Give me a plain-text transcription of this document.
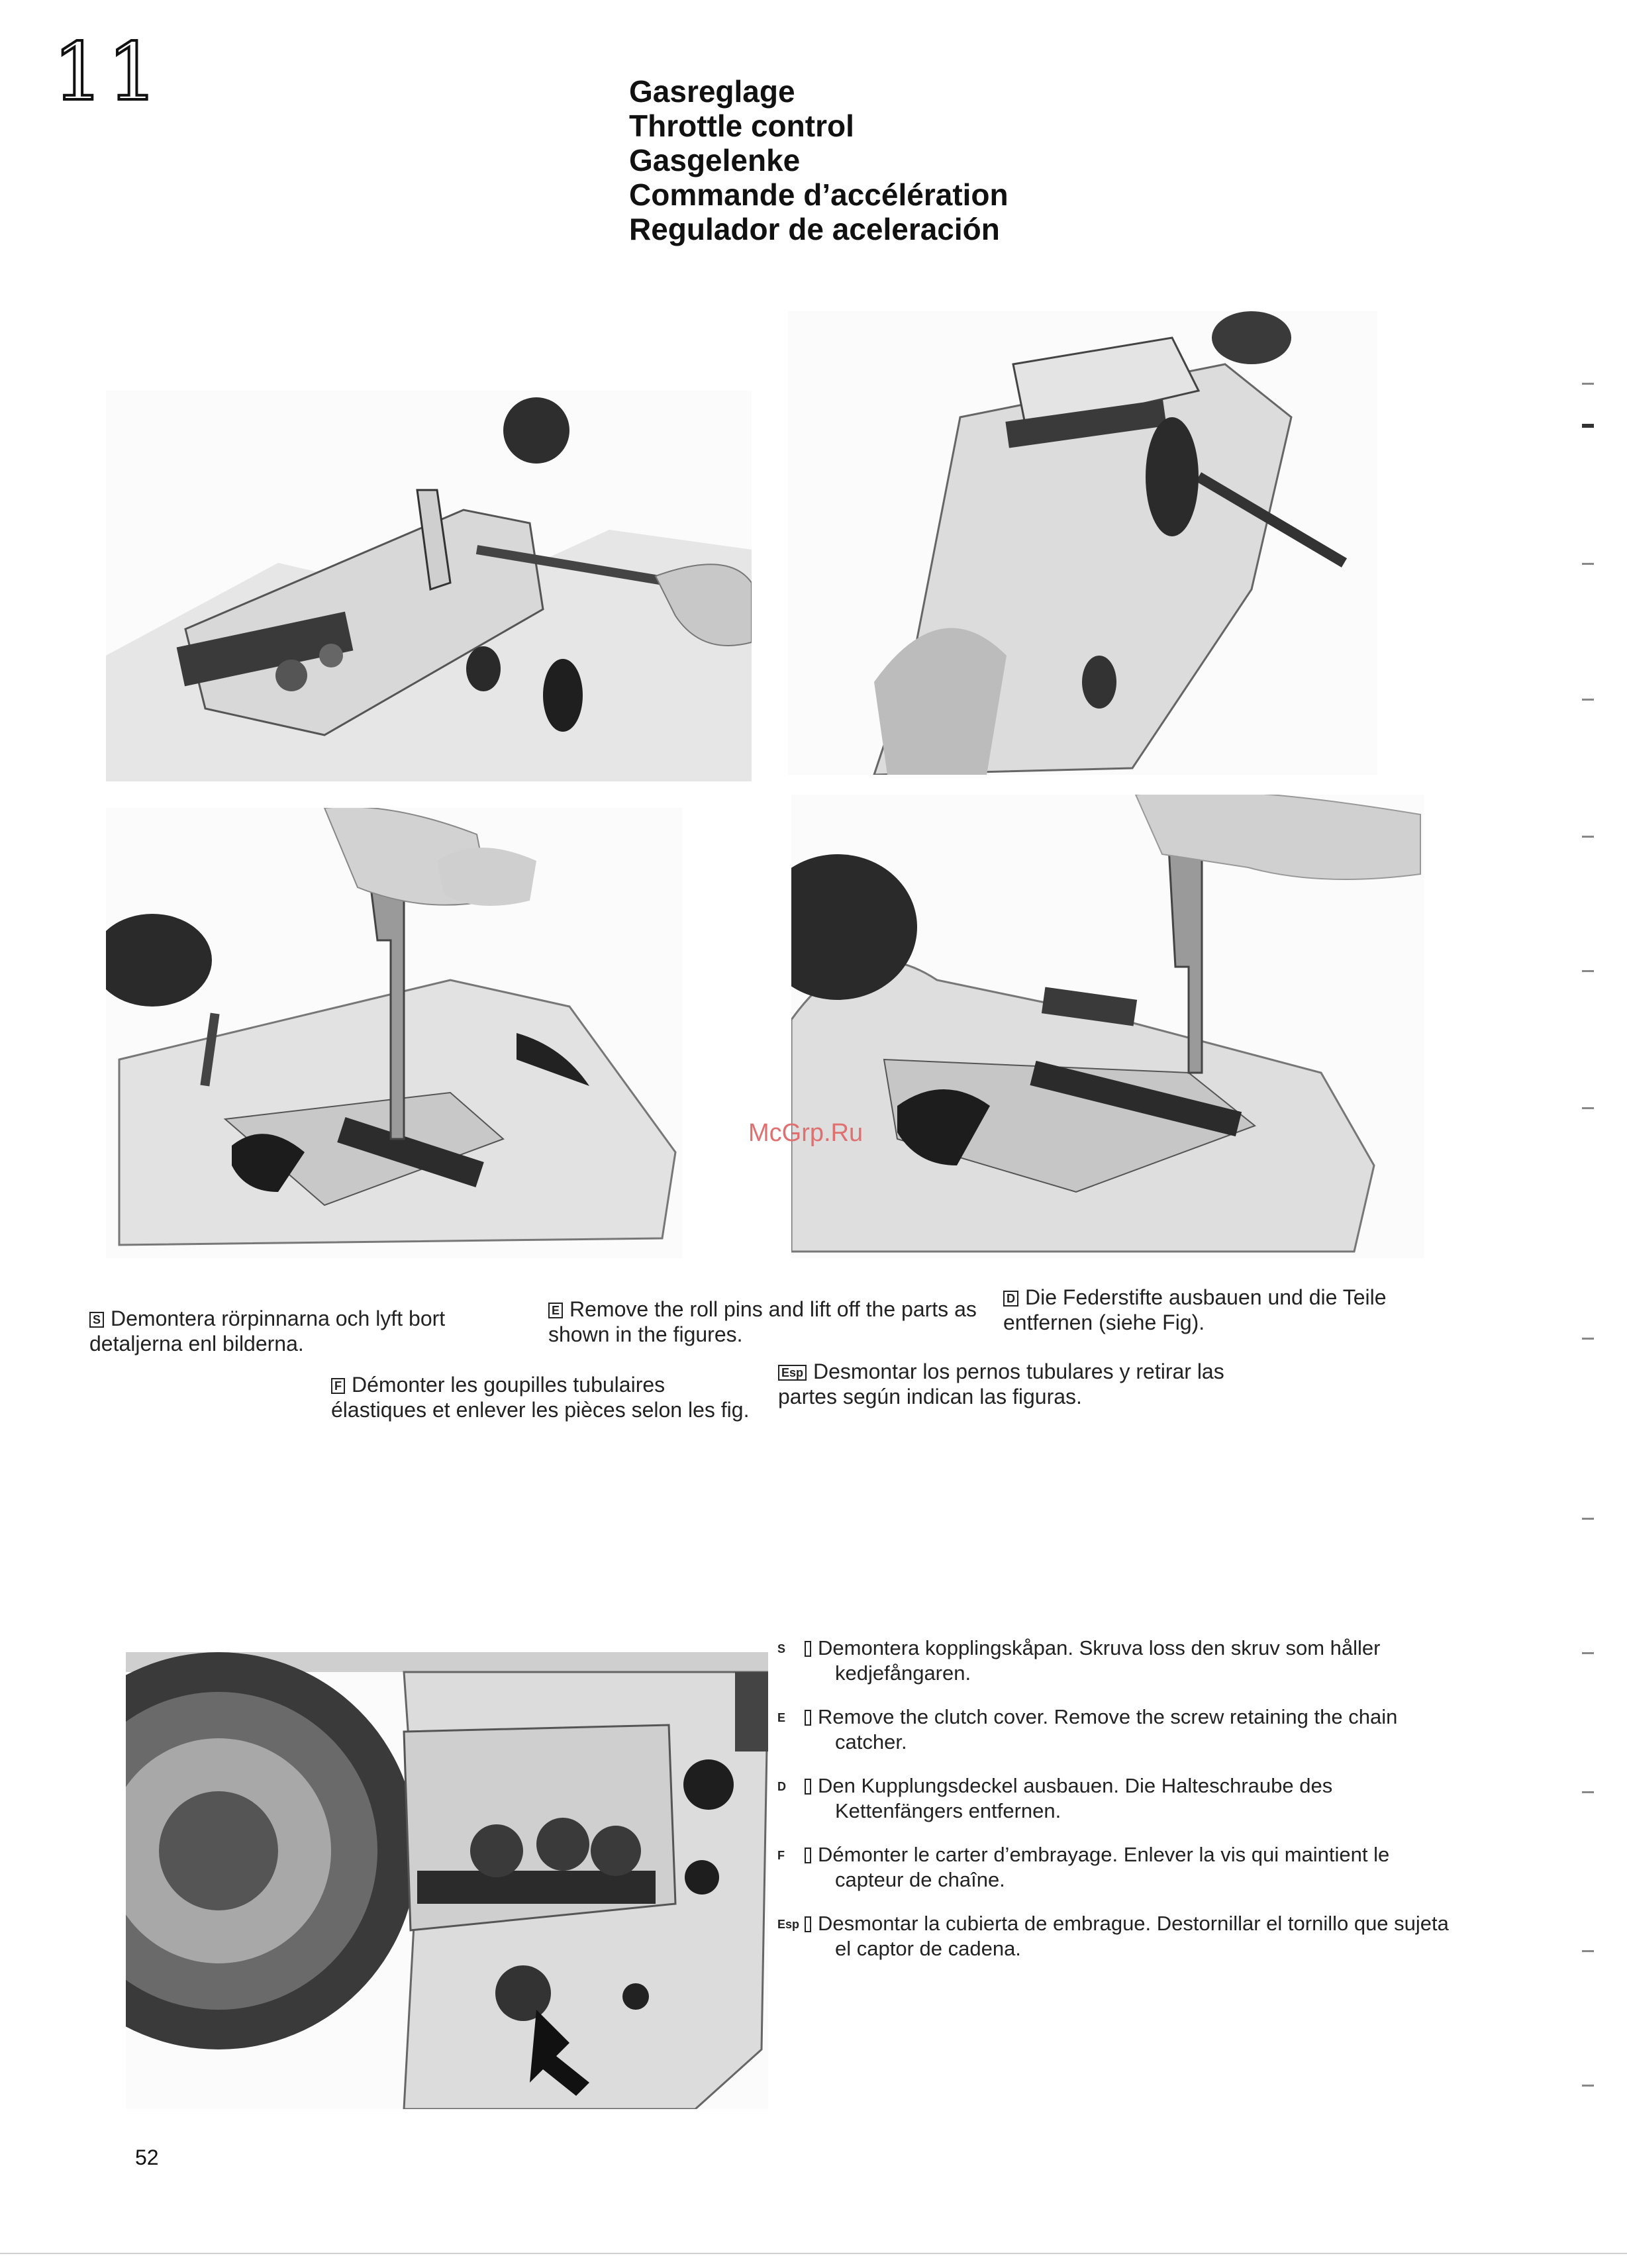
11	Gasreglage
Throttle control
Gasgelenke
Commande d’accélération
Regulador de aceleración
McGrp.Ru
S Demontera rörpinnarna och lyft bort detaljerna enl bilderna.
E Remove the roll pins and lift off the parts as shown in the figures.
D Die Federstifte ausbauen und die Teile entfernen (siehe Fig).
F Démonter les goupilles tubulaires élastiques et enlever les pièces selon les fig.
Esp Desmontar los pernos tubulares y retirar las partes según indican las figuras.
S Demontera kopplingskåpan. Skruva loss den skruv som håller kedjefångaren.
E Remove the clutch cover. Remove the screw retaining the chain catcher.
D Den Kupplungsdeckel ausbauen. Die Halteschraube des Kettenfängers entfernen.
F Démonter le carter d’embrayage. Enlever la vis qui maintient le capteur de chaîne.
Esp Desmontar la cubierta de embrague. Destornillar el tornillo que sujeta el captor de cadena.
52
